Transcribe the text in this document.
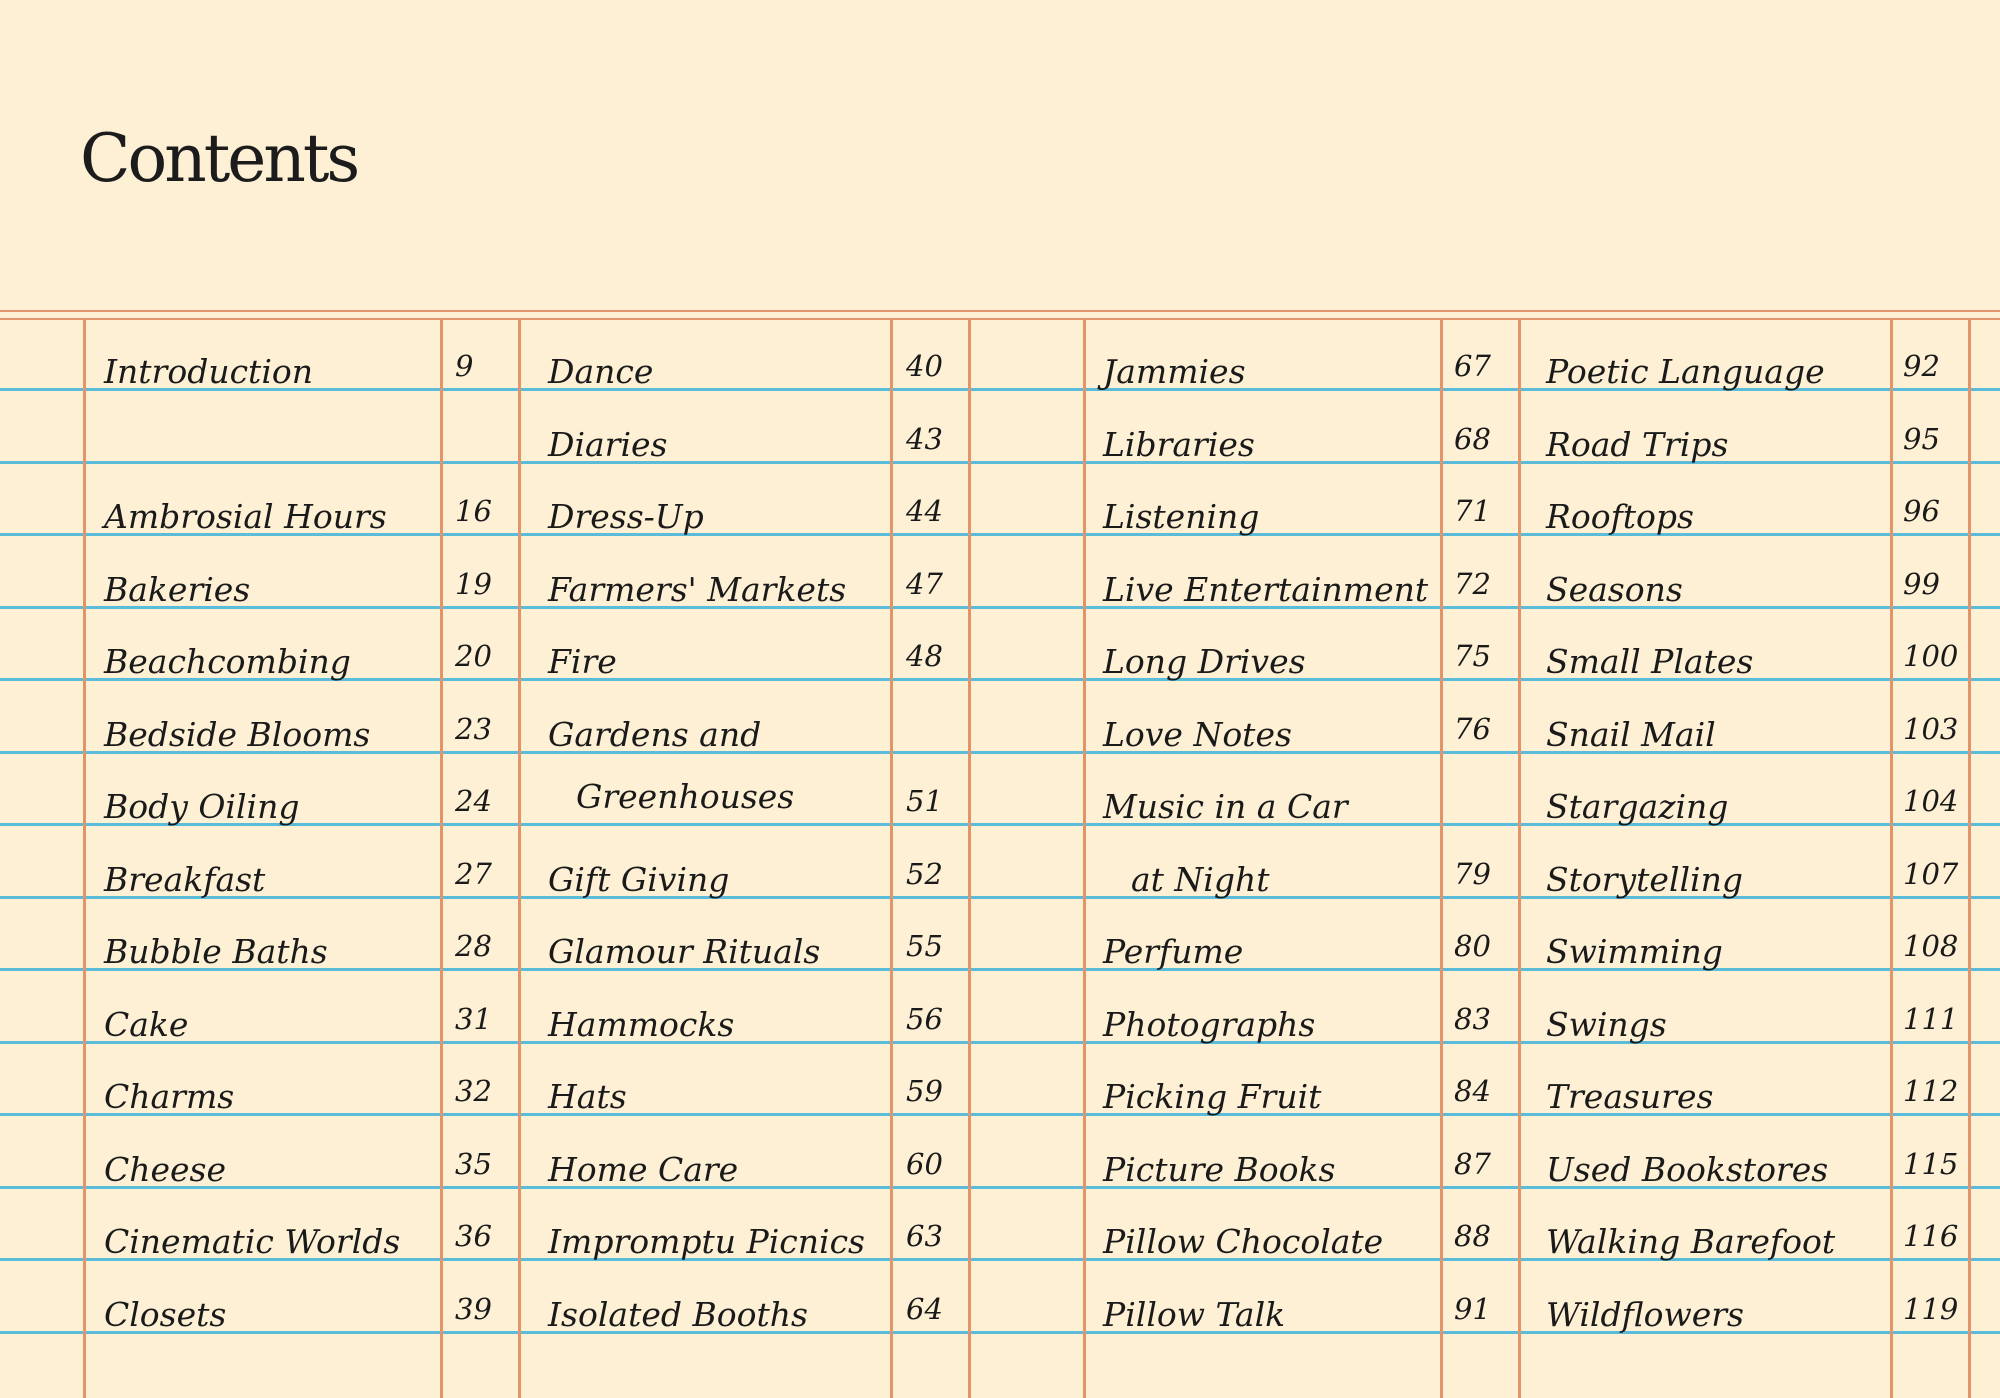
Contents
Introduction	9
Ambrosial Hours 16
Bakeries	19
Beachcombing	20
Bedside Blooms	23
Body Oiling	24
Breakfast	27
Bubble Baths	28
Cake	31
Charms	32
Cheese	35
Cinematic Worlds 36
Closets	39
Dance	40
Diaries	43
Dress-Up	44
Farmers' Markets 47
Fire	48
Gardens and
Greenhouses	51
Gift Giving	52
Glamour Rituals	55
Hammocks	56
Hats	59
Home Care	60
Impromptu Picnics 63
Isolated Booths	64
Jammies	67
Libraries	68
Listening	71
Live Entertainment 72
Long Drives	75
Love Notes	76
Music in a Car
at Night	79
Perfume	80
Photographs	83
Picking Fruit	84
Picture Books	87
Pillow Chocolate 88
Pillow Talk	91
Poetic Language	92
Road Trips	95
Rooftops	96
Seasons	99
Small Plates	100
Snail Mail	103
Stargazing	104
Storytelling	107
Swimming	108
Swings	111
Treasures	112
Used Bookstores	115
Walking Barefoot 116
Wildflowers	119
